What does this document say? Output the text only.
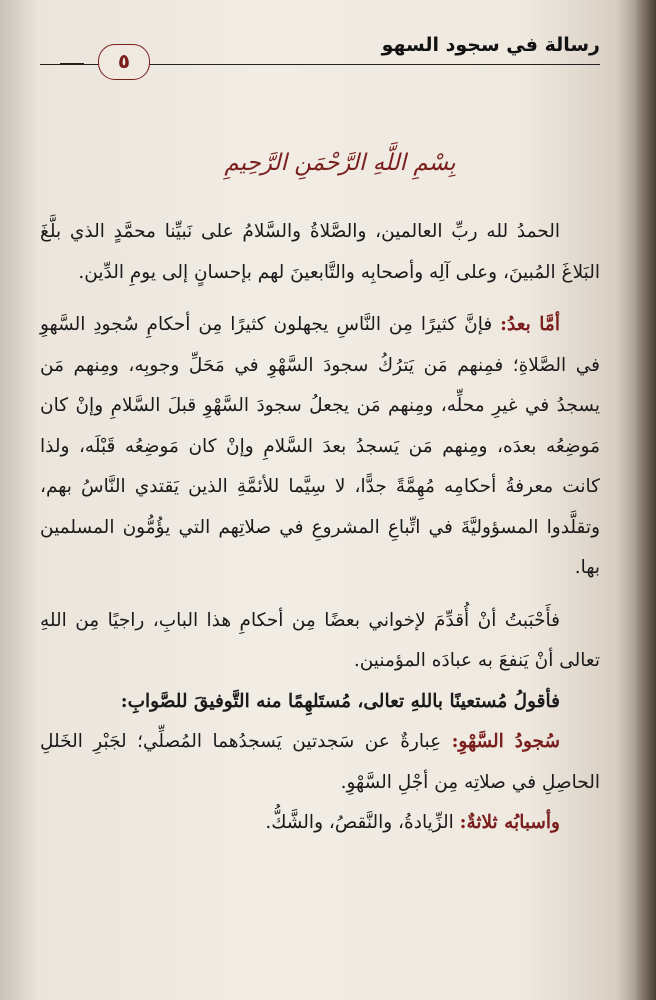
٥
رسالة في سجود السهو
بِسْمِ اللَّهِ الرَّحْمَنِ الرَّحِيمِ

الحمدُ لله ربِّ العالمين، والصَّلاةُ والسَّلامُ على نَبيِّنا محمَّدٍ الذي بلَّغَ البَلاغَ المُبينَ، وعلى آلِه وأصحابِه والتَّابعينَ لهم بإحسانٍ إلى يومِ الدِّين.

أمَّا بعدُ: فإنَّ كثيرًا مِن النَّاسِ يجهلون كثيرًا مِن أحكامِ سُجودِ السَّهوِ في الصَّلاةِ؛ فمِنهم مَن يَترُكُ سجودَ السَّهْوِ في مَحَلِّ وجوبِه، ومِنهم مَن يسجدُ في غيرِ محلِّه، ومِنهم مَن يجعلُ سجودَ السَّهْوِ قبلَ السَّلامِ وإنْ كان مَوضِعُه بعدَه، ومِنهم مَن يَسجدُ بعدَ السَّلامِ وإنْ كان مَوضِعُه قَبْلَه، ولذا كانت معرفةُ أحكامِه مُهِمَّةً جدًّا، لا سِيَّما للأئمَّةِ الذين يَقتدي النَّاسُ بهم، وتقلَّدوا المسؤوليَّةَ في اتِّباعِ المشروعِ في صلاتِهم التي يؤُمُّون المسلمين بها.

فأَحْبَبتُ أنْ أُقدِّمَ لإخواني بعضًا مِن أحكامِ هذا البابِ، راجيًا مِن اللهِ تعالى أنْ يَنفعَ به عبادَه المؤمنين.

فأقولُ مُستعينًا باللهِ تعالى، مُستَلهِمًا منه التَّوفيقَ للصَّوابِ:

سُجودُ السَّهْوِ: عِبارةٌ عن سَجدتين يَسجدُهما المُصلِّي؛ لجَبْرِ الخَللِ الحاصِلِ في صلاتِه مِن أجْلِ السَّهْوِ.

وأسبابُه ثلاثةٌ: الزِّيادةُ، والنَّقصُ، والشَّكُّ.
